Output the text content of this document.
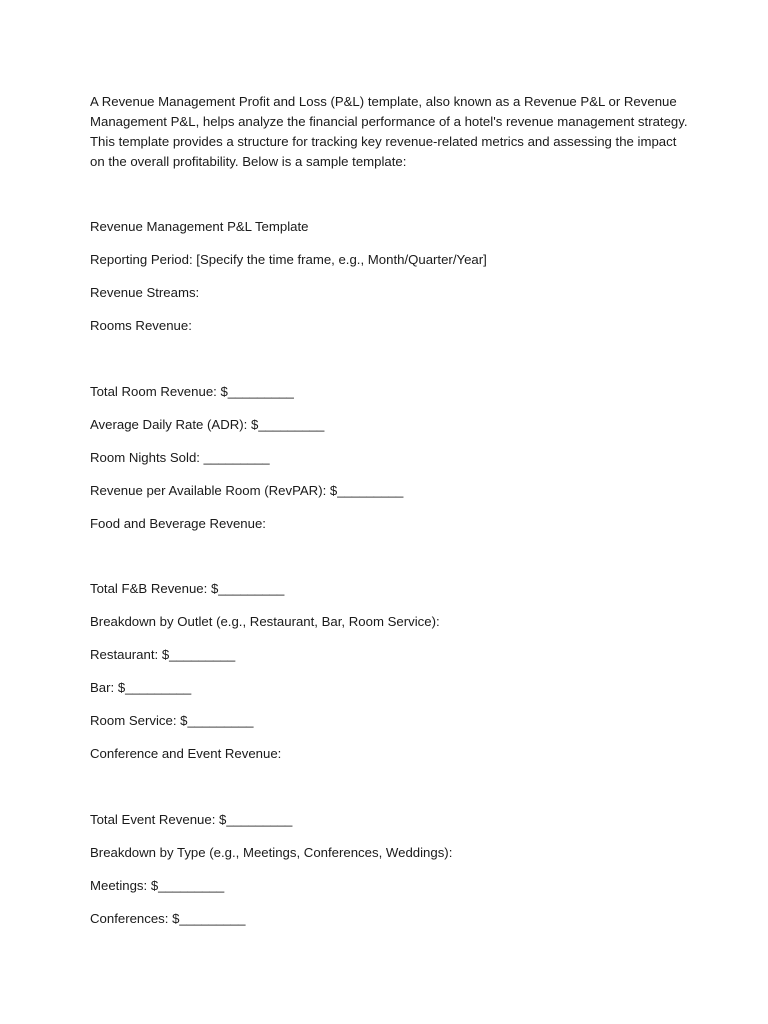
A Revenue Management Profit and Loss (P&L) template, also known as a Revenue P&L or Revenue Management P&L, helps analyze the financial performance of a hotel's revenue management strategy. This template provides a structure for tracking key revenue-related metrics and assessing the impact on the overall profitability. Below is a sample template:

Revenue Management P&L Template

Reporting Period: [Specify the time frame, e.g., Month/Quarter/Year]

Revenue Streams:

Rooms Revenue:

Total Room Revenue: $_________

Average Daily Rate (ADR): $_________

Room Nights Sold: _________

Revenue per Available Room (RevPAR): $_________

Food and Beverage Revenue:

Total F&B Revenue: $_________

Breakdown by Outlet (e.g., Restaurant, Bar, Room Service):

Restaurant: $_________

Bar: $_________

Room Service: $_________

Conference and Event Revenue:

Total Event Revenue: $_________

Breakdown by Type (e.g., Meetings, Conferences, Weddings):

Meetings: $_________

Conferences: $_________
